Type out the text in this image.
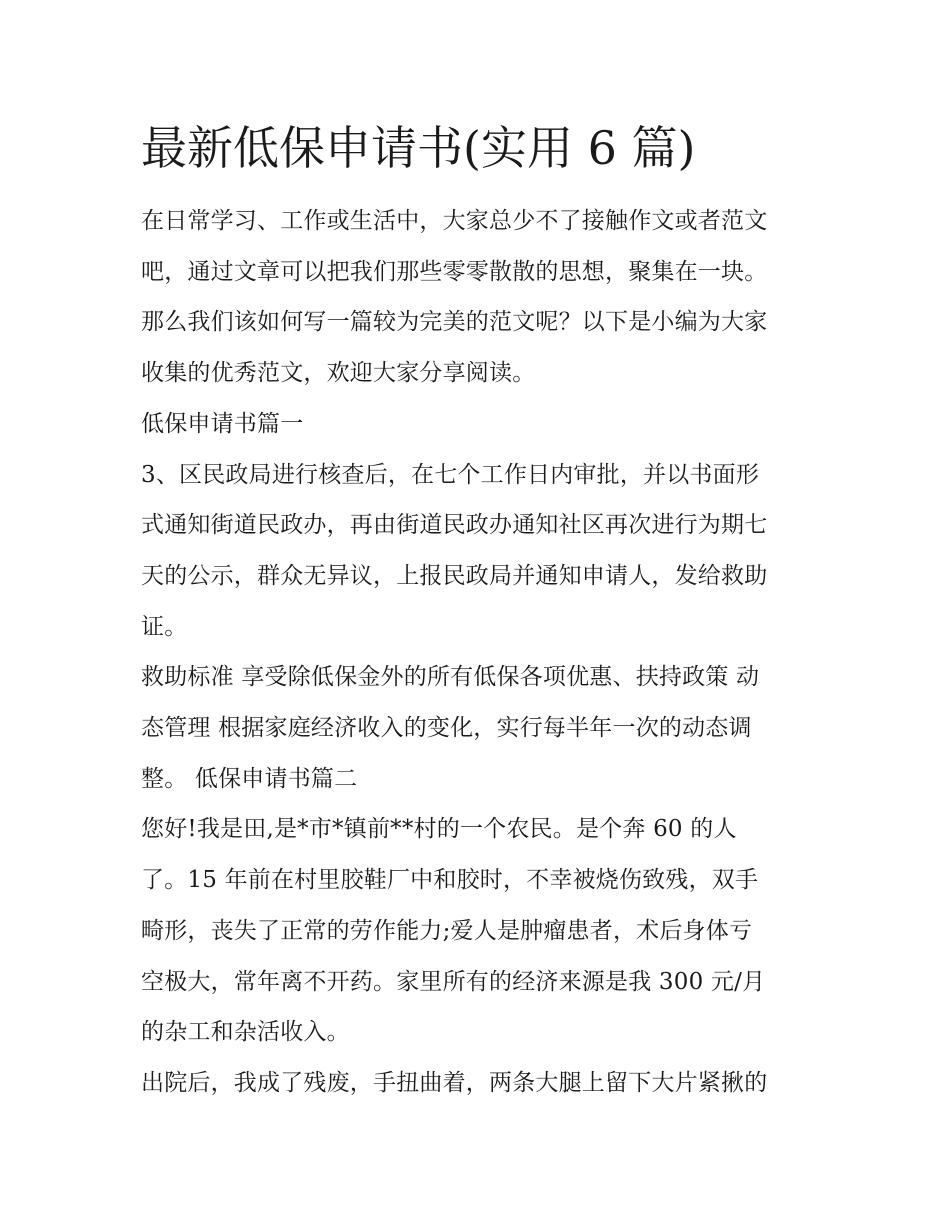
最新低保申请书(实用 6 篇)

在日常学习、工作或生活中，大家总少不了接触作文或者范文

吧，通过文章可以把我们那些零零散散的思想，聚集在一块。

那么我们该如何写一篇较为完美的范文呢？以下是小编为大家

收集的优秀范文，欢迎大家分享阅读。

低保申请书篇一

3、区民政局进行核查后，在七个工作日内审批，并以书面形

式通知街道民政办，再由街道民政办通知社区再次进行为期七

天的公示，群众无异议，上报民政局并通知申请人，发给救助

证。

救助标准 享受除低保金外的所有低保各项优惠、扶持政策 动

态管理 根据家庭经济收入的变化，实行每半年一次的动态调

整。 低保申请书篇二

您好!我是田,是*市*镇前**村的一个农民。是个奔 60 的人

了。15 年前在村里胶鞋厂中和胶时，不幸被烧伤致残，双手

畸形，丧失了正常的劳作能力;爱人是肿瘤患者，术后身体亏

空极大，常年离不开药。家里所有的经济来源是我 300 元/月

的杂工和杂活收入。

出院后，我成了残废，手扭曲着，两条大腿上留下大片紧揪的
